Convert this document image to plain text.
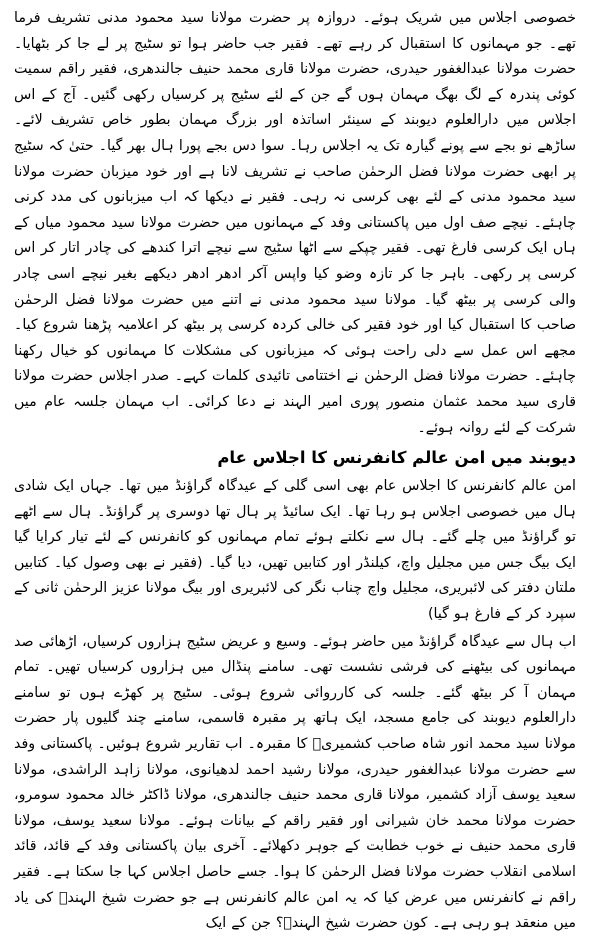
خصوصی اجلاس میں شریک ہوئے۔ دروازہ پر حضرت مولانا سید محمود مدنی تشریف فرما تھے۔ جو مہمانوں کا استقبال کر رہے تھے۔ فقیر جب حاضر ہوا تو سٹیج پر لے جا کر بٹھایا۔ حضرت مولانا عبدالغفور حیدری، حضرت مولانا قاری محمد حنیف جالندھری، فقیر راقم سمیت کوئی پندرہ کے لگ بھگ مہمان ہوں گے جن کے لئے سٹیج پر کرسیاں رکھی گئیں۔ آج کے اس اجلاس میں دارالعلوم دیوبند کے سینئر اساتذہ اور بزرگ مہمان بطور خاص تشریف لائے۔ ساڑھے نو بجے سے پونے گیارہ تک یہ اجلاس رہا۔ سوا دس بجے پورا ہال بھر گیا۔ حتیٰ کہ سٹیج پر ابھی حضرت مولانا فضل الرحمٰن صاحب نے تشریف لانا ہے اور خود میزبان حضرت مولانا سید محمود مدنی کے لئے بھی کرسی نہ رہی۔ فقیر نے دیکھا کہ اب میزبانوں کی مدد کرنی چاہئے۔ نیچے صف اول میں پاکستانی وفد کے مہمانوں میں حضرت مولانا سید محمود میاں کے ہاں ایک کرسی فارغ تھی۔ فقیر چپکے سے اٹھا سٹیج سے نیچے اترا کندھے کی چادر اتار کر اس کرسی پر رکھی۔ باہر جا کر تازہ وضو کیا واپس آکر ادھر ادھر دیکھے بغیر نیچے اسی چادر والی کرسی پر بیٹھ گیا۔ مولانا سید محمود مدنی نے اتنے میں حضرت مولانا فضل الرحمٰن صاحب کا استقبال کیا اور خود فقیر کی خالی کردہ کرسی پر بیٹھ کر اعلامیہ پڑھنا شروع کیا۔ مجھے اس عمل سے دلی راحت ہوئی کہ میزبانوں کی مشکلات کا مہمانوں کو خیال رکھنا چاہئے۔ حضرت مولانا فضل الرحمٰن نے اختتامی تائیدی کلمات کہے۔ صدر اجلاس حضرت مولانا قاری سید محمد عثمان منصور پوری امیر الہند نے دعا کرائی۔ اب مہمان جلسہ عام میں شرکت کے لئے روانہ ہوئے۔

دیوبند میں امن عالم کانفرنس کا اجلاس عام

امن عالم کانفرنس کا اجلاس عام بھی اسی گلی کے عیدگاہ گراؤنڈ میں تھا۔ جہاں ایک شادی ہال میں خصوصی اجلاس ہو رہا تھا۔ ایک سائیڈ پر ہال تھا دوسری پر گراؤنڈ۔ ہال سے اٹھے تو گراؤنڈ میں چلے گئے۔ ہال سے نکلتے ہوئے تمام مہمانوں کو کانفرنس کے لئے تیار کرایا گیا ایک بیگ جس میں مجلیل واچ، کیلنڈر اور کتابیں تھیں، دیا گیا۔ (فقیر نے بھی وصول کیا۔ کتابیں ملتان دفتر کی لائبریری، مجلیل واچ چناب نگر کی لائبریری اور بیگ مولانا عزیز الرحمٰن ثانی کے سپرد کر کے فارغ ہو گیا)

اب ہال سے عیدگاہ گراؤنڈ میں حاضر ہوئے۔ وسیع و عریض سٹیج ہزاروں کرسیاں، اڑھائی صد مہمانوں کی بیٹھنے کی فرشی نشست تھی۔ سامنے پنڈال میں ہزاروں کرسیاں تھیں۔ تمام مہمان آ کر بیٹھ گئے۔ جلسہ کی کارروائی شروع ہوئی۔ سٹیج پر کھڑے ہوں تو سامنے دارالعلوم دیوبند کی جامع مسجد، ایک ہاتھ پر مقبرہ قاسمی، سامنے چند گلیوں پار حضرت مولانا سید محمد انور شاہ صاحب کشمیریؒ کا مقبرہ۔ اب تقاریر شروع ہوئیں۔ پاکستانی وفد سے حضرت مولانا عبدالغفور حیدری، مولانا رشید احمد لدھیانوی، مولانا زاہد الراشدی، مولانا سعید یوسف آزاد کشمیر، مولانا قاری محمد حنیف جالندھری، مولانا ڈاکٹر خالد محمود سومرو، حضرت مولانا محمد خان شیرانی اور فقیر راقم کے بیانات ہوئے۔ مولانا سعید یوسف، مولانا قاری محمد حنیف نے خوب خطابت کے جوہر دکھلائے۔ آخری بیان پاکستانی وفد کے قائد، قائد اسلامی انقلاب حضرت مولانا فضل الرحمٰن کا ہوا۔ جسے حاصل اجلاس کہا جا سکتا ہے۔ فقیر راقم نے کانفرنس میں عرض کیا کہ یہ امن عالم کانفرنس ہے جو حضرت شیخ الہندؒ کی یاد میں منعقد ہو رہی ہے۔ کون حضرت شیخ الہندؒ؟ جن کے ایک
